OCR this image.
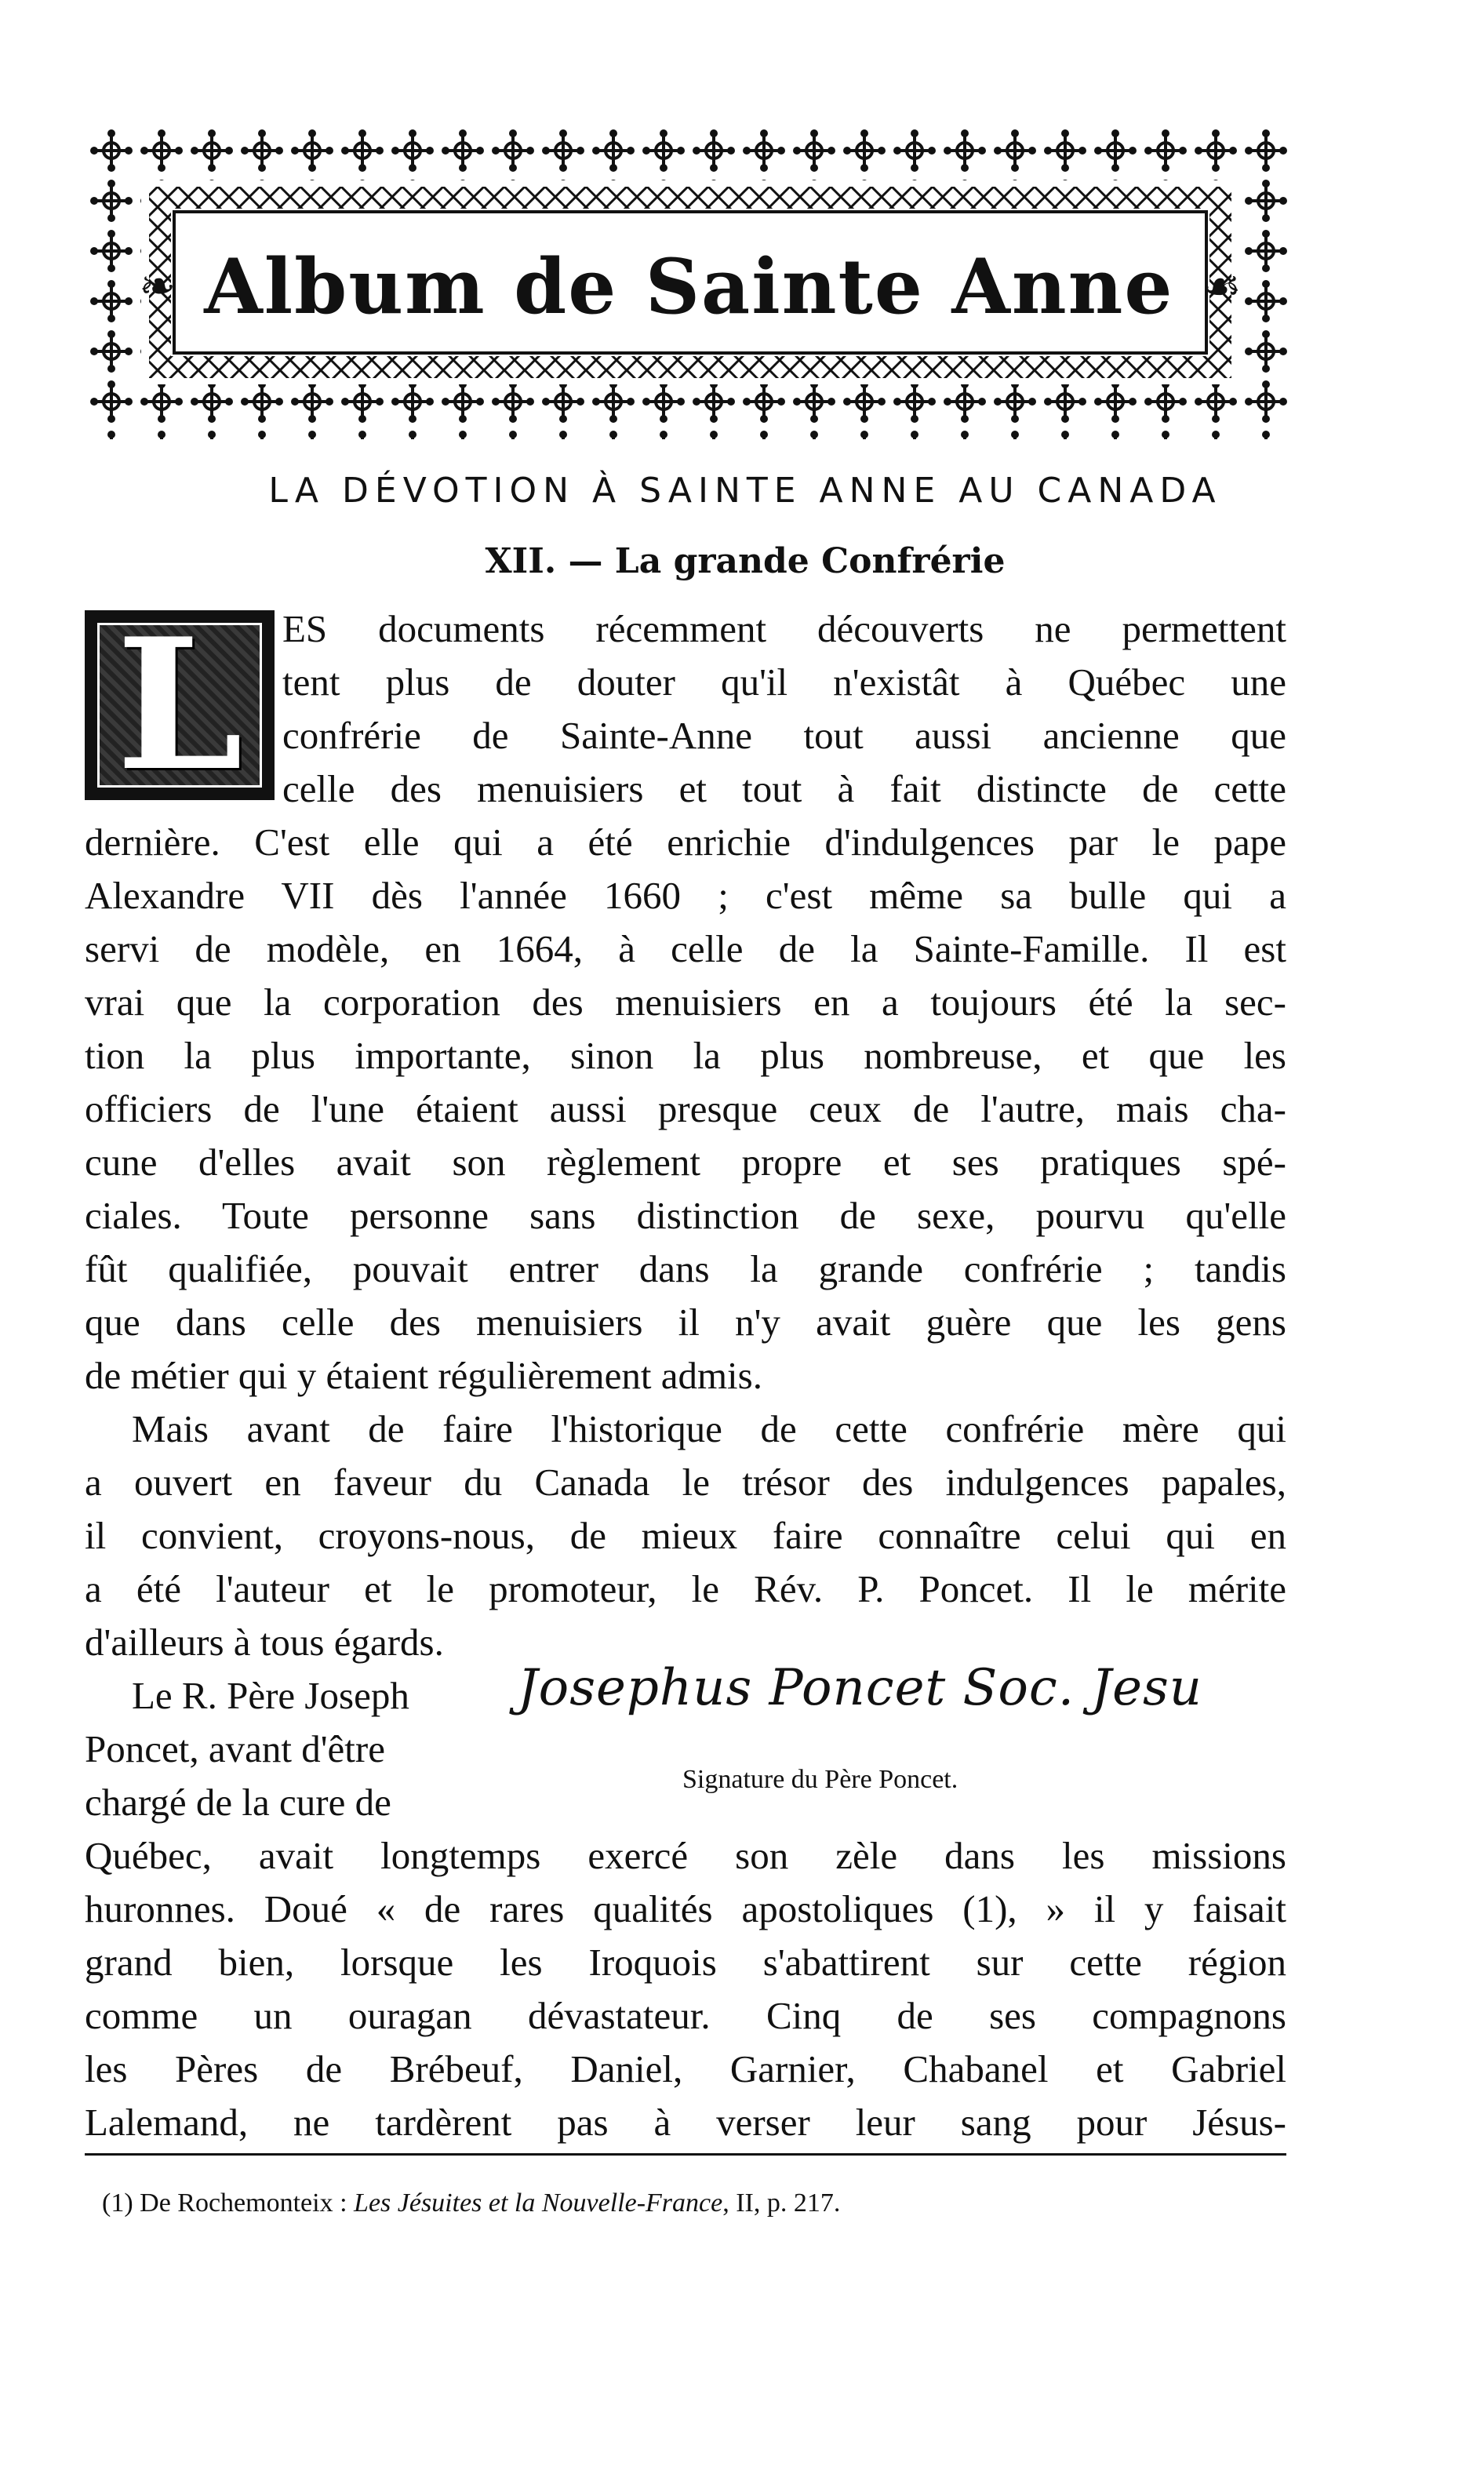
❧ Album de Sainte Anne ☙
LA DÉVOTION À SAINTE ANNE AU CANADA
XII. — La grande Confrérie
L ES documents récemment découverts ne permettent
tent plus de douter qu'il n'existât à Québec une
confrérie de Sainte-Anne tout aussi ancienne que
celle des menuisiers et tout à fait distincte de cette
dernière. C'est elle qui a été enrichie d'indulgences par le pape
Alexandre VII dès l'année 1660 ; c'est même sa bulle qui a
servi de modèle, en 1664, à celle de la Sainte-Famille. Il est
vrai que la corporation des menuisiers en a toujours été la sec-
tion la plus importante, sinon la plus nombreuse, et que les
officiers de l'une étaient aussi presque ceux de l'autre, mais cha-
cune d'elles avait son règlement propre et ses pratiques spé-
ciales. Toute personne sans distinction de sexe, pourvu qu'elle
fût qualifiée, pouvait entrer dans la grande confrérie ; tandis
que dans celle des menuisiers il n'y avait guère que les gens
de métier qui y étaient régulièrement admis.
Mais avant de faire l'historique de cette confrérie mère qui
a ouvert en faveur du Canada le trésor des indulgences papales,
il convient, croyons-nous, de mieux faire connaître celui qui en
a été l'auteur et le promoteur, le Rév. P. Poncet. Il le mérite
d'ailleurs à tous égards.
Le R. Père Joseph
Poncet, avant d'être
chargé de la cure de
Québec, avait longtemps exercé son zèle dans les missions
huronnes. Doué « de rares qualités apostoliques (1), » il y faisait
grand bien, lorsque les Iroquois s'abattirent sur cette région
comme un ouragan dévastateur. Cinq de ses compagnons
les Pères de Brébeuf, Daniel, Garnier, Chabanel et Gabriel
Lalemand, ne tardèrent pas à verser leur sang pour Jésus-
Josephus Poncet Soc. Jesu
Signature du Père Poncet.
(1) De Rochemonteix : Les Jésuites et la Nouvelle-France, II, p. 217.
